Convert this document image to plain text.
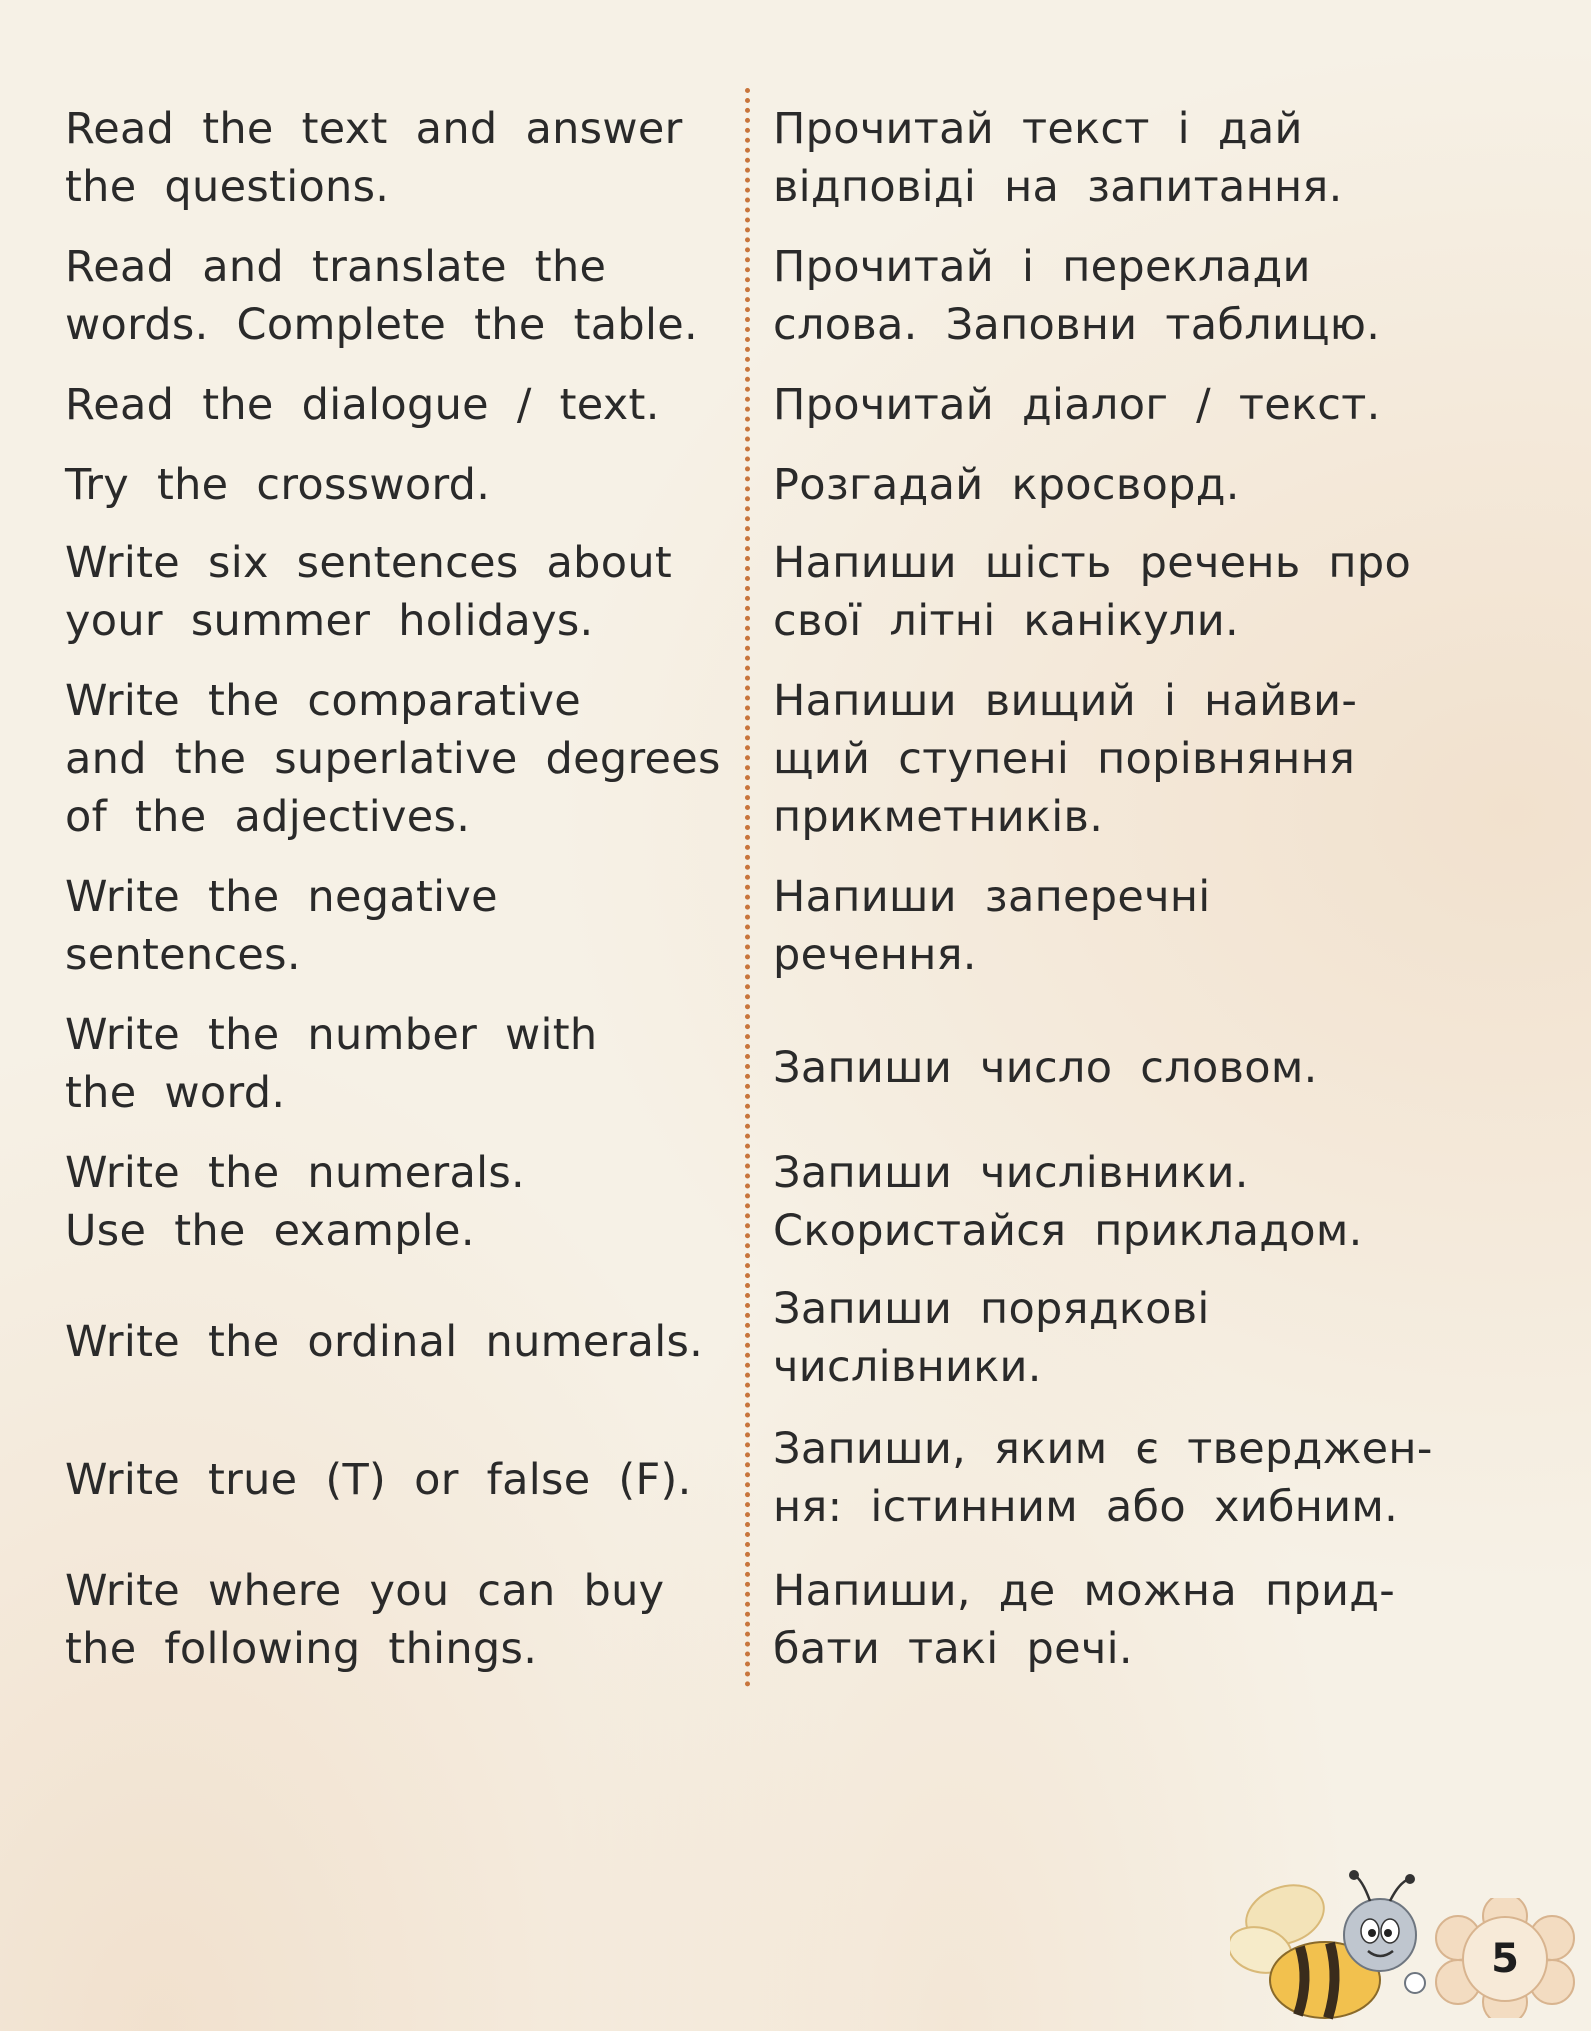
​
Read the text and answer
the questions.
Прочитай текст і дай
відповіді на запитання.
Read and translate the
words. Complete the table.
Прочитай і переклади
слова. Заповни таблицю.
Read the dialogue / text.	Прочитай діалог / текст.
Try the crossword.	Розгадай кросворд.
Write six sentences about
your summer holidays.
Напиши шість речень про
свої літні канікули.
Write the comparative
and the superlative degrees
of the adjectives.
Напиши вищий і найви-
щий ступені порівняння
прикметників.
Write the negative
sentences.
Напиши заперечні
речення.
Write the number with
the word.	Запиши число словом.
Write the numerals.
Use the example.
Запиши числівники.
Скористайся прикладом.
Write the ordinal numerals.
Запиши порядкові
числівники.
Write true (T) or false (F).
Запиши, яким є тверджен-
ня: істинним або хибним.
Write where you can buy
the following things.
Напиши, де можна прид-
бати такі речі.
5
